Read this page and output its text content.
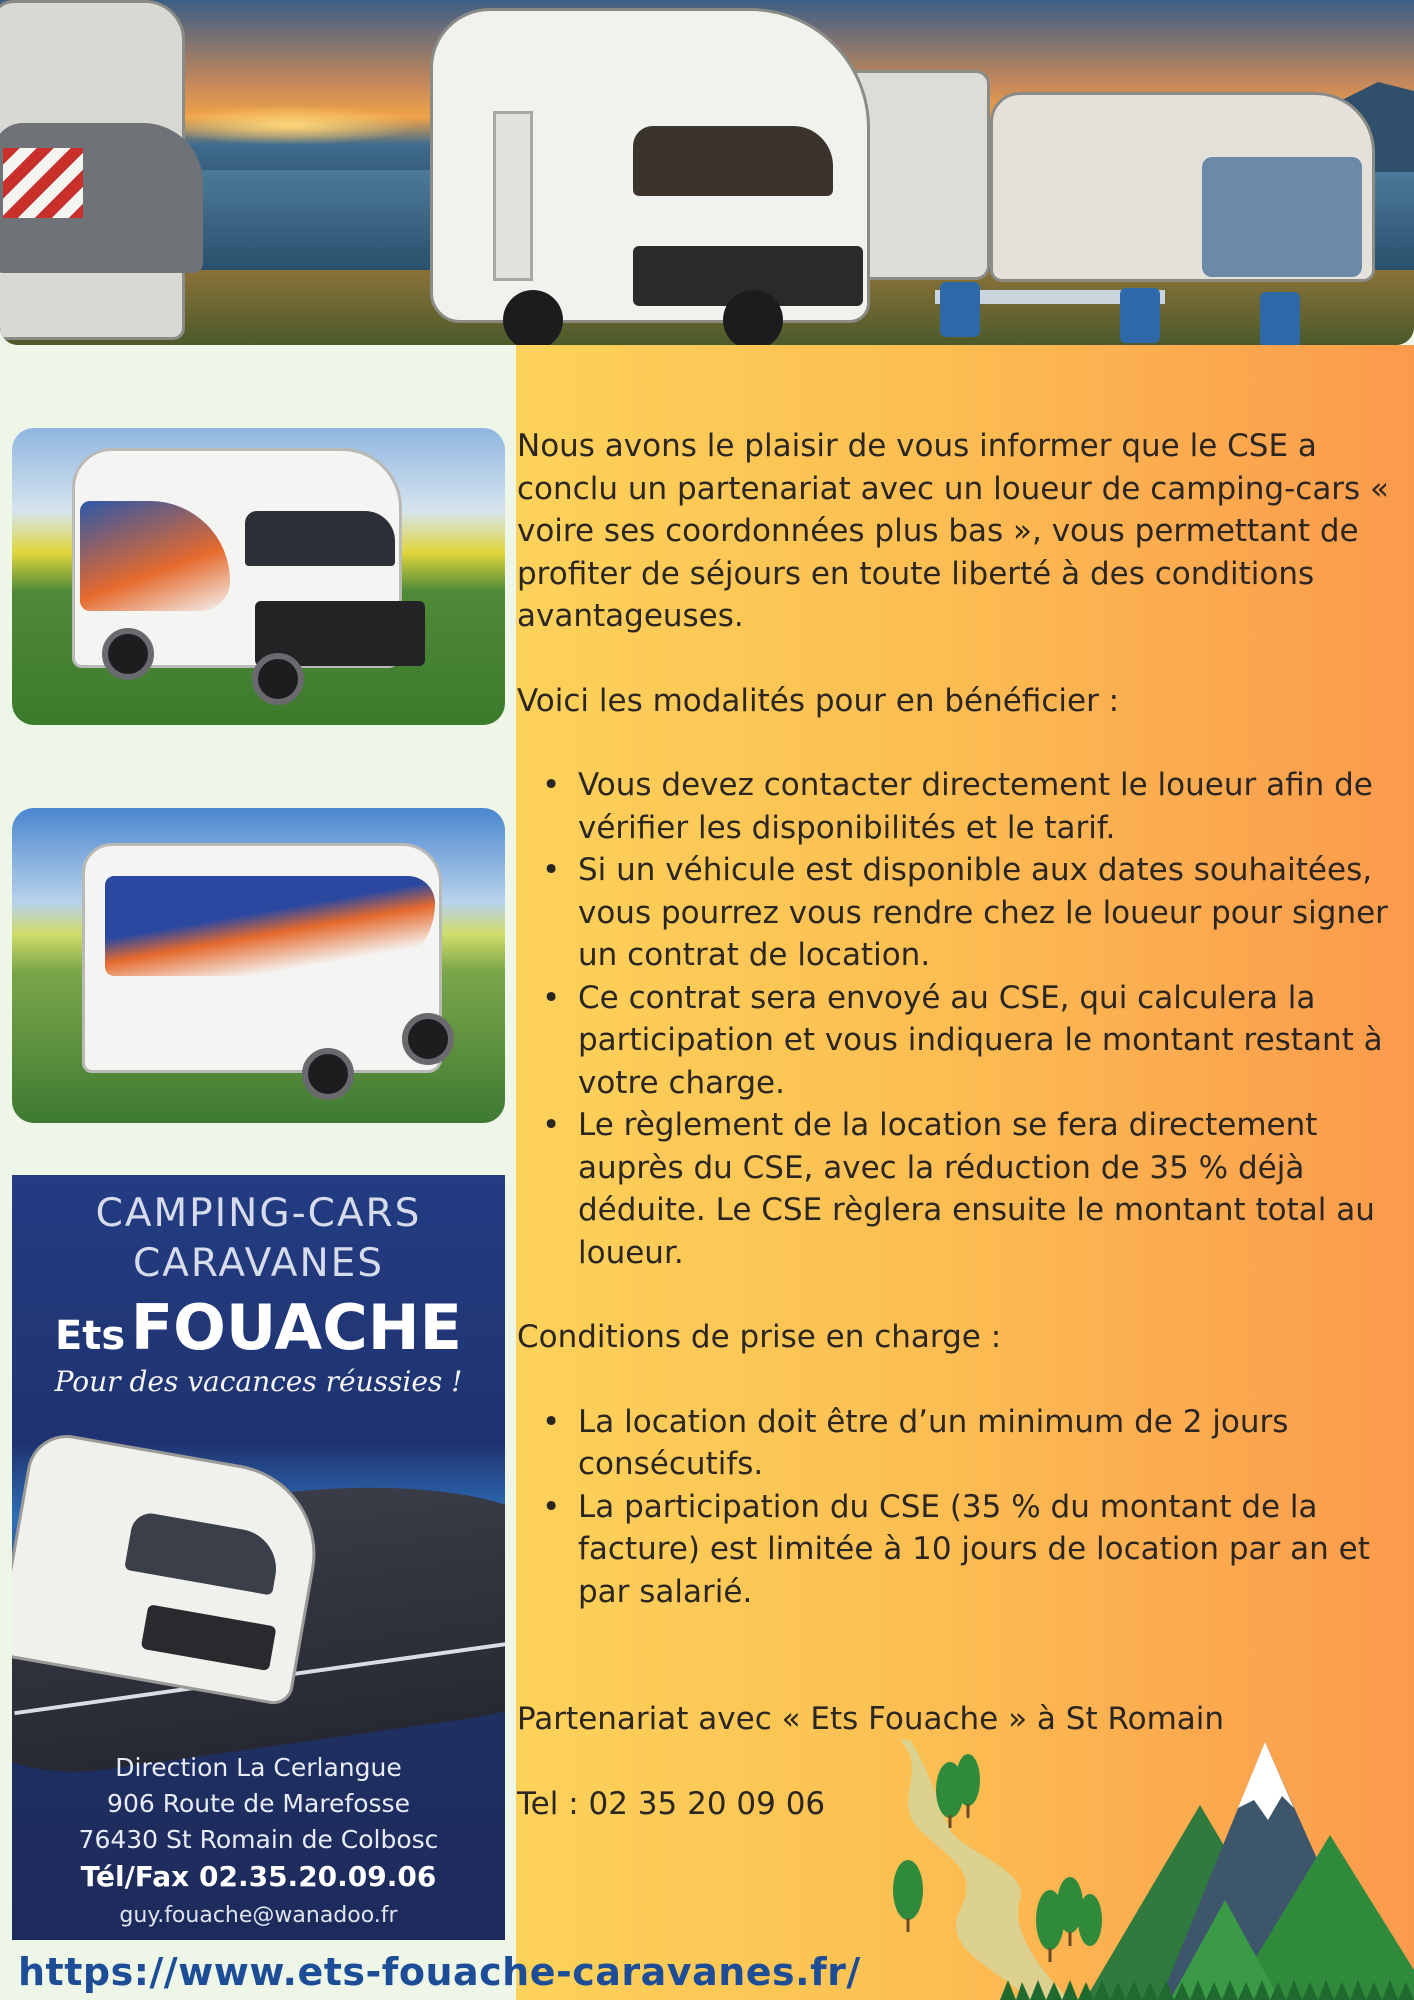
CAMPING-CARS
CARAVANES
Ets FOUACHE
Pour des vacances réussies !
Direction La Cerlangue
906 Route de Marefosse
76430 St Romain de Colbosc
Tél/Fax 02.35.20.09.06
guy.fouache@wanadoo.fr

Nous avons le plaisir de vous informer que le CSE a conclu un partenariat avec un loueur de camping-cars « voire ses coordonnées plus bas », vous permettant de profiter de séjours en toute liberté à des conditions avantageuses.

Voici les modalités pour en bénéficier :

• Vous devez contacter directement le loueur afin de vérifier les disponibilités et le tarif.
• Si un véhicule est disponible aux dates souhaitées, vous pourrez vous rendre chez le loueur pour signer un contrat de location.
• Ce contrat sera envoyé au CSE, qui calculera la participation et vous indiquera le montant restant à votre charge.
• Le règlement de la location se fera directement auprès du CSE, avec la réduction de 35 % déjà déduite. Le CSE règlera ensuite le montant total au loueur.

Conditions de prise en charge :

• La location doit être d’un minimum de 2 jours consécutifs.
• La participation du CSE (35 % du montant de la facture) est limitée à 10 jours de location par an et par salarié.

Partenariat avec « Ets Fouache » à St Romain

Tel : 02 35 20 09 06

https://www.ets-fouache-caravanes.fr/
